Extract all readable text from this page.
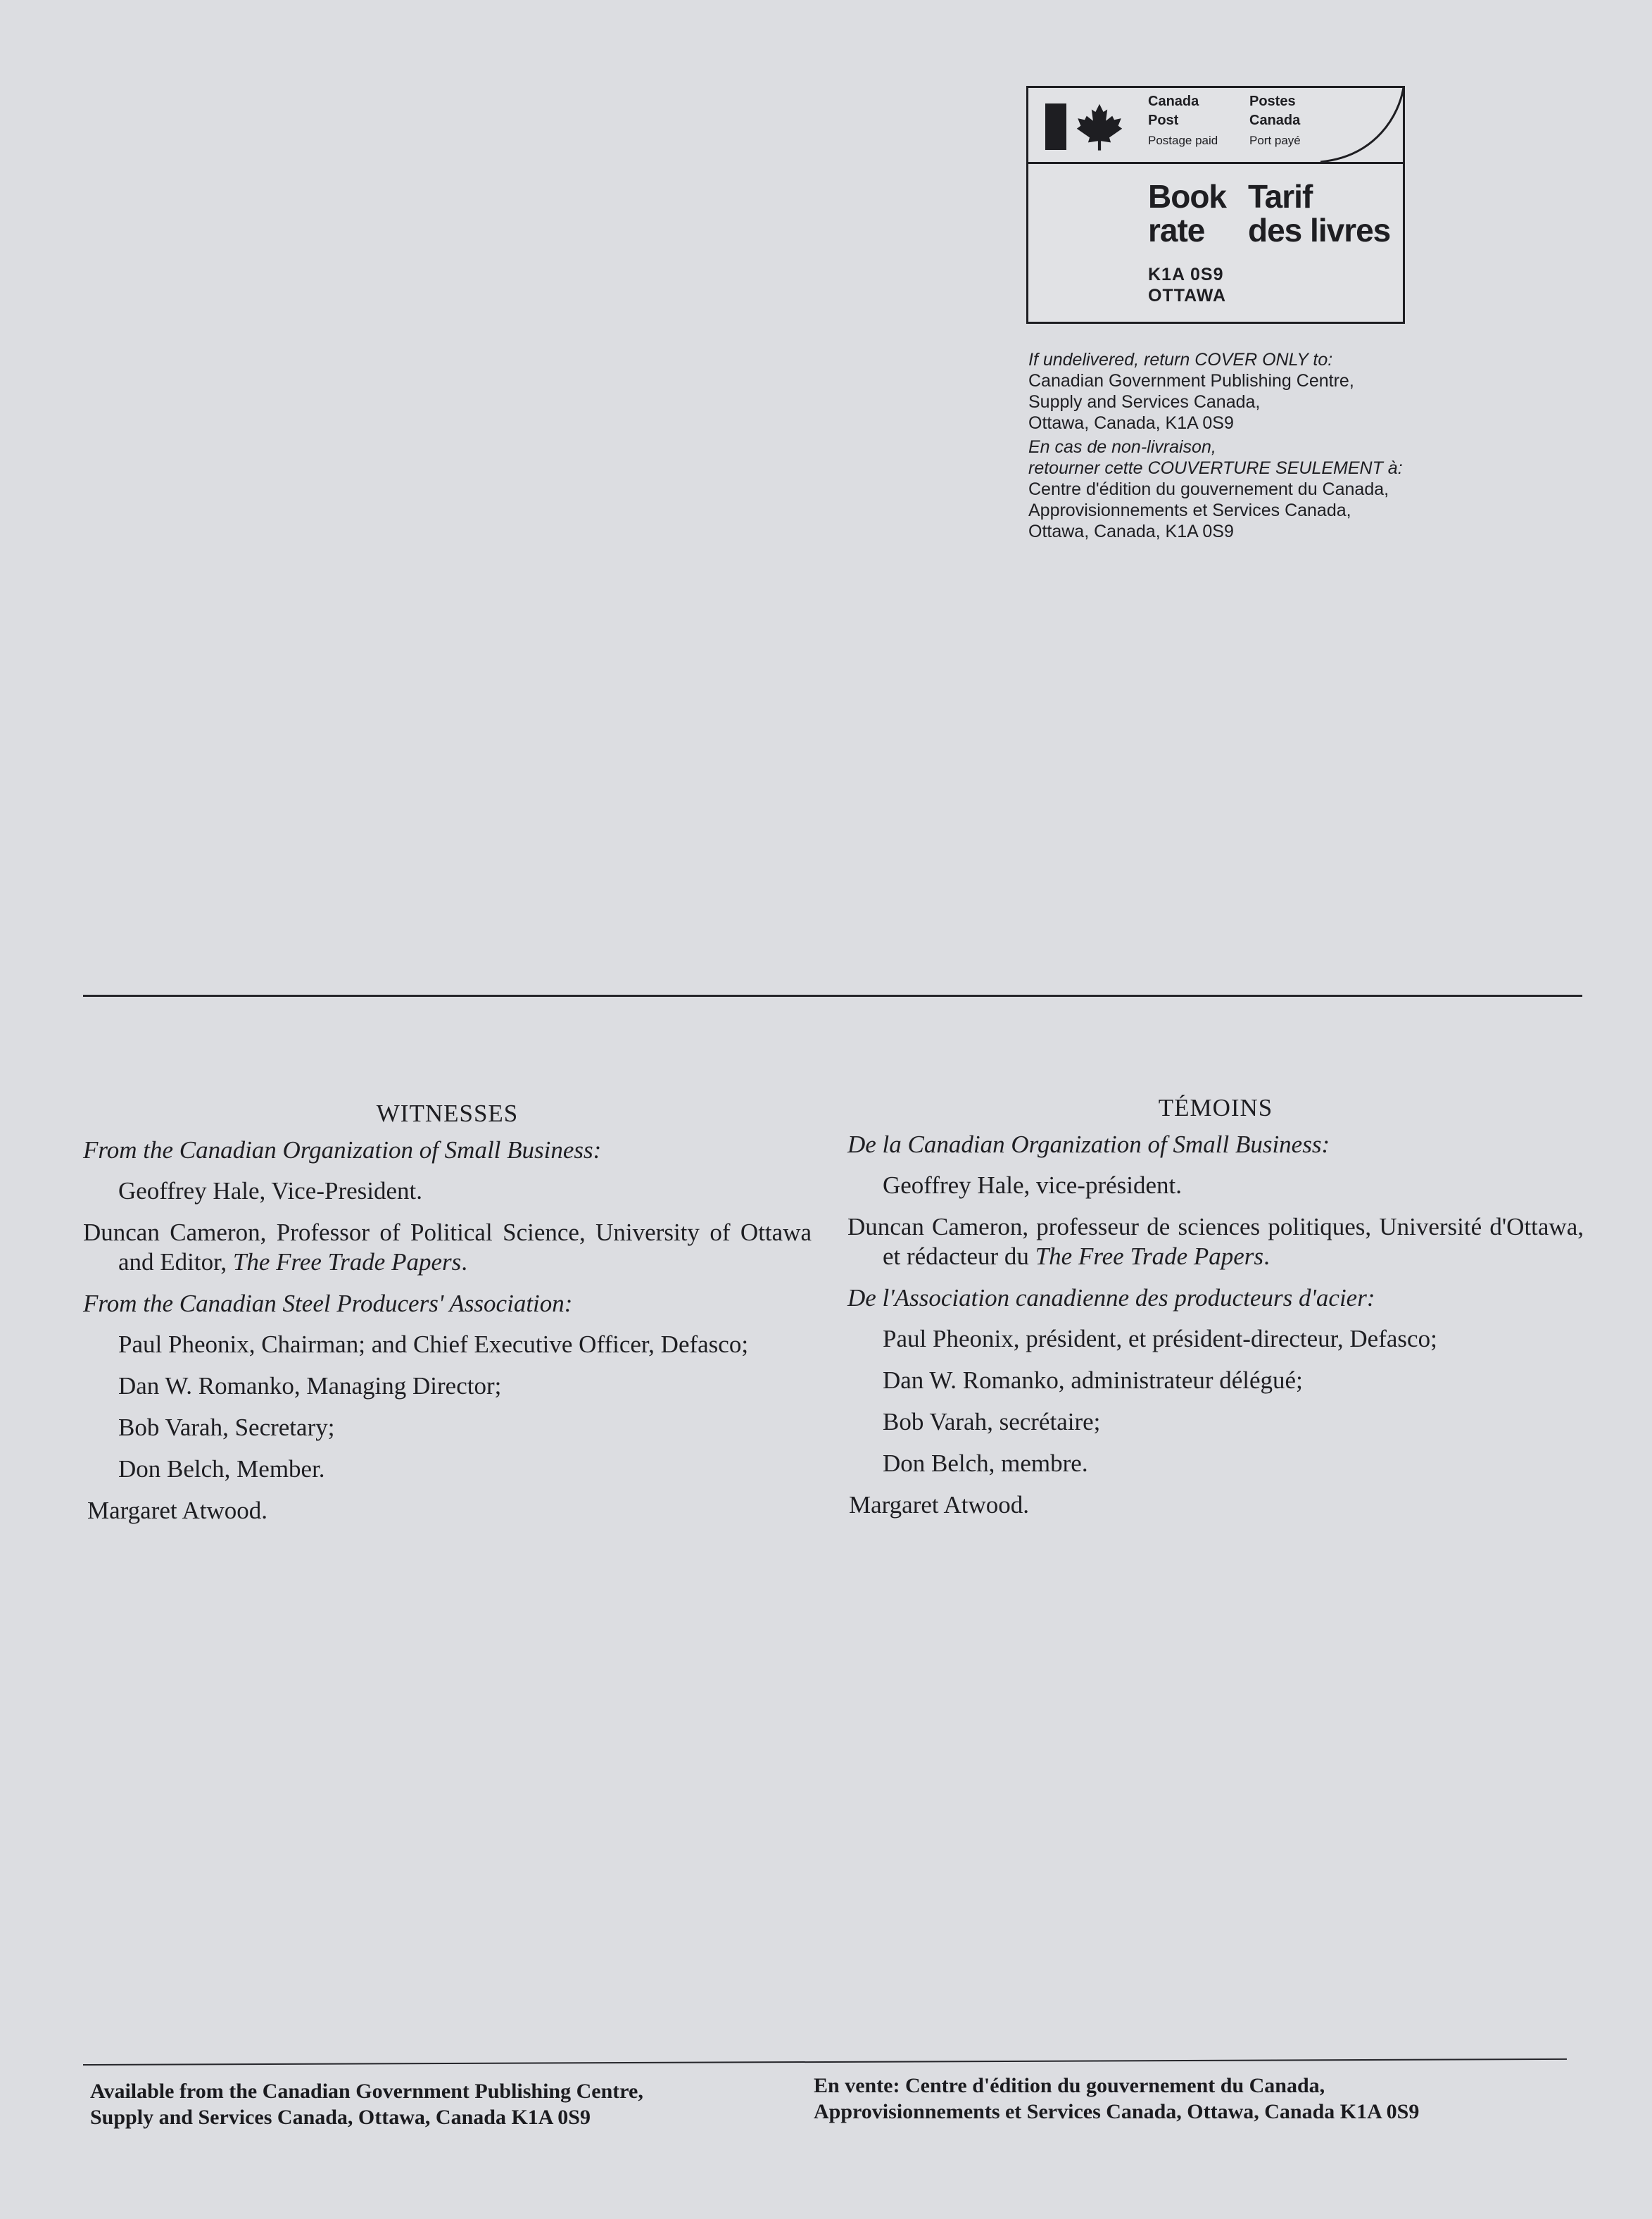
Canada Post
Postage paid
Postes Canada
Port payé
Book
rate
Tarif
des livres
K1A 0S9
OTTAWA
If undelivered, return COVER ONLY to:
Canadian Government Publishing Centre,
Supply and Services Canada,
Ottawa, Canada, K1A 0S9
En cas de non-livraison,
retourner cette COUVERTURE SEULEMENT à:
Centre d'édition du gouvernement du Canada,
Approvisionnements et Services Canada,
Ottawa, Canada, K1A 0S9
WITNESSES
From the Canadian Organization of Small Business:
Geoffrey Hale, Vice-President.
Duncan Cameron, Professor of Political Science, University of Ottawa and Editor, The Free Trade Papers.
From the Canadian Steel Producers' Association:
Paul Pheonix, Chairman; and Chief Executive Officer, Defasco;
Dan W. Romanko, Managing Director;
Bob Varah, Secretary;
Don Belch, Member.
Margaret Atwood.
TÉMOINS
De la Canadian Organization of Small Business:
Geoffrey Hale, vice-président.
Duncan Cameron, professeur de sciences politiques, Université d'Ottawa, et rédacteur du The Free Trade Papers.
De l'Association canadienne des producteurs d'acier:
Paul Pheonix, président, et président-directeur, Defasco;
Dan W. Romanko, administrateur délégué;
Bob Varah, secrétaire;
Don Belch, membre.
Margaret Atwood.
Available from the Canadian Government Publishing Centre,
Supply and Services Canada, Ottawa, Canada K1A 0S9
En vente: Centre d'édition du gouvernement du Canada,
Approvisionnements et Services Canada, Ottawa, Canada K1A 0S9
